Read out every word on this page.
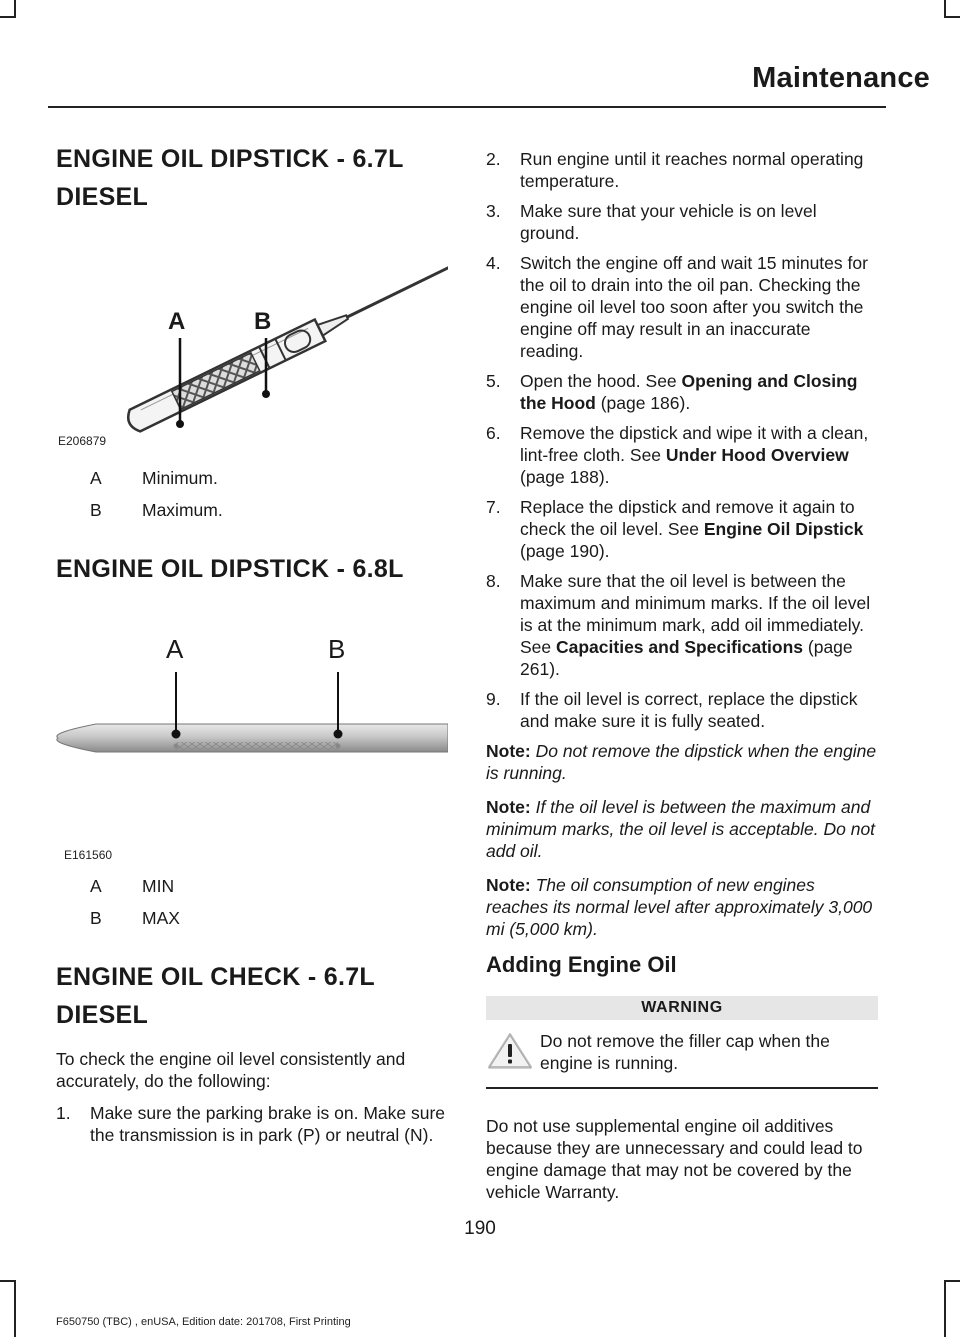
Maintenance
ENGINE OIL DIPSTICK - 6.7L
DIESEL
A	B
E206879
A	Minimum.
B	Maximum.
ENGINE OIL DIPSTICK - 6.8L
A	B
E161560
A	MIN
B	MAX
ENGINE OIL CHECK - 6.7L
DIESEL

To check the engine oil level consistently and accurately, do the following:

1.	Make sure the parking brake is on. Make sure the transmission is in park (P) or neutral (N).
2.	Run engine until it reaches normal operating temperature.
3.	Make sure that your vehicle is on level ground.
4.	Switch the engine off and wait 15 minutes for the oil to drain into the oil pan. Checking the engine oil level too soon after you switch the engine off may result in an inaccurate reading.
5.	Open the hood. See Opening and Closing the Hood (page 186).
6.	Remove the dipstick and wipe it with a clean, lint-free cloth. See Under Hood Overview (page 188).
7.	Replace the dipstick and remove it again to check the oil level. See Engine Oil Dipstick (page 190).
8.	Make sure that the oil level is between the maximum and minimum marks. If the oil level is at the minimum mark, add oil immediately. See Capacities and Specifications (page 261).
9.	If the oil level is correct, replace the dipstick and make sure it is fully seated.

Note: Do not remove the dipstick when the engine is running.

Note: If the oil level is between the maximum and minimum marks, the oil level is acceptable. Do not add oil.

Note: The oil consumption of new engines reaches its normal level after approximately 3,000 mi (5,000 km).

Adding Engine Oil
WARNING
Do not remove the filler cap when the engine is running.

Do not use supplemental engine oil additives because they are unnecessary and could lead to engine damage that may not be covered by the vehicle Warranty.

190
F650750 (TBC) , enUSA, Edition date: 201708, First Printing
